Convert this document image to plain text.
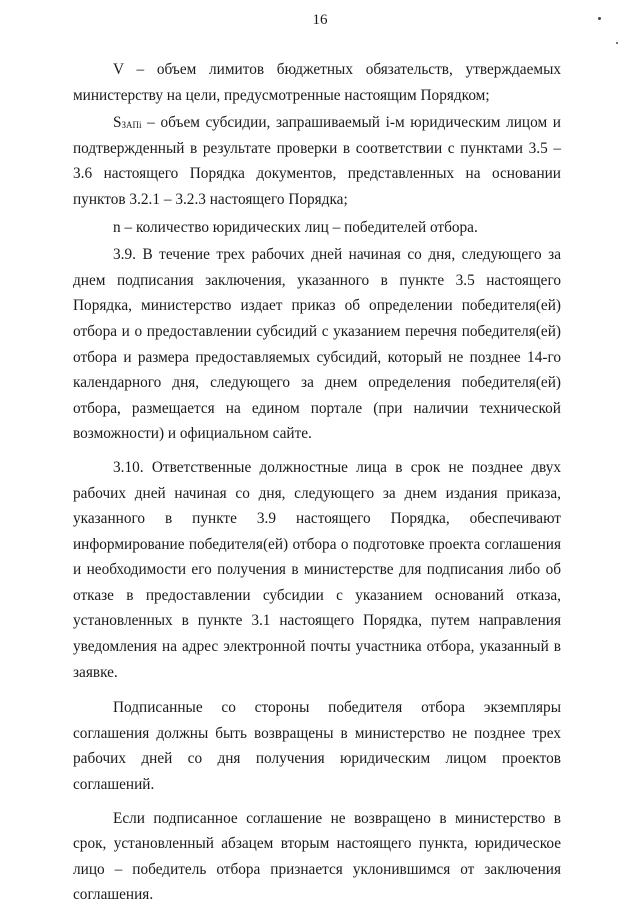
16

V – объем лимитов бюджетных обязательств, утверждаемых министерству на цели, предусмотренные настоящим Порядком;

$S_{ЗАПi}$ – объем субсидии, запрашиваемый i-м юридическим лицом и подтвержденный в результате проверки в соответствии с пунктами 3.5 – 3.6 настоящего Порядка документов, представленных на основании пунктов 3.2.1 – 3.2.3 настоящего Порядка;

n – количество юридических лиц – победителей отбора.

3.9. В течение трех рабочих дней начиная со дня, следующего за днем подписания заключения, указанного в пункте 3.5 настоящего Порядка, министерство издает приказ об определении победителя(ей) отбора и о предоставлении субсидий с указанием перечня победителя(ей) отбора и размера предоставляемых субсидий, который не позднее 14-го календарного дня, следующего за днем определения победителя(ей) отбора, размещается на едином портале (при наличии технической возможности) и официальном сайте.

3.10. Ответственные должностные лица в срок не позднее двух рабочих дней начиная со дня, следующего за днем издания приказа, указанного в пункте 3.9 настоящего Порядка, обеспечивают информирование победителя(ей) отбора о подготовке проекта соглашения и необходимости его получения в министерстве для подписания либо об отказе в предоставлении субсидии с указанием оснований отказа, установленных в пункте 3.1 настоящего Порядка, путем направления уведомления на адрес электронной почты участника отбора, указанный в заявке.

Подписанные со стороны победителя отбора экземпляры соглашения должны быть возвращены в министерство не позднее трех рабочих дней со дня получения юридическим лицом проектов соглашений.

Если подписанное соглашение не возвращено в министерство в срок, установленный абзацем вторым настоящего пункта, юридическое лицо – победитель отбора признается уклонившимся от заключения соглашения.
